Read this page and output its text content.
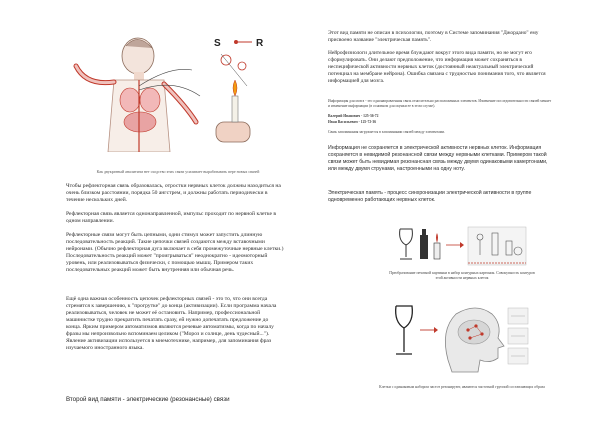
S	R
Как двукратный аналитизм нет сходство этих связи усиливает вырабатывать пере новых связей
Чтобы рефлекторная связь образовалась, отростки нервных клеток должны находиться на очень близком расстоянии, порядка 50 ангстрем, и должны работать периодически в течение нескольких дней.
Рефлекторная связь является однонаправленной, импульс проходит по нервной клетке в одном направлении.
Рефлекторные связи могут быть цепными, одни стимул может запустить длинную последовательность реакций. Такие цепочки связей создаются между вставочными нейронами. (Обычно рефлекторная дуга включает в себя промежуточные нервные клетки.) Последовательность реакций может "проигрываться" неоднократно - идеомоторный уровень, или реализовываться физически, с помощью мышц. Примером таких последовательных реакций может быть внутренняя или обычная речь.
Ещё одна важная особенность цепочек рефлекторных связей - это то, что они всегда стремятся к завершению, к "прогрутке" до конца (активизации). Если программа начала реализовываться, человек не может её остановить. Например, профессиональной машинистке трудно прекратить печатать сразу, ей нужно допечатать предложение до конца. Ярким примером автоматизмов являются речевые автоматизмы, когда по началу фразы мы непроизвольно вспоминаем целиком ("Мороз и солнце, день чудесный..."). Явление активизации используется в мнемотехнике, например, для запоминания фраз изучаемого иностранного языка.
Второй вид памяти - электрические (резонансные) связи
Этот вид памяти не описан в психологии, поэтому в Системе запоминания "Джордано" ему присвоено название "электрическая память".
Нейрофизиологи длительное время блуждают вокруг этого вида памяти, но не могут его сформулировать. Они делают предположение, что информация может сохраняться в неспецифической активности нервных клеток (достоянный неактуальный электрический потенциал на мембране нейрона). Ошибка связана с трудностью понимания того, что является информацией для мозга.
Информация для мозга - это однонаправленная связь относительно расположенных элементов. Изменение последовательности связей меняет и изменение информации (в основном для оценки ее в этом случае).
Валерий Иванович - 125-36-72
Иван Васильевич - 125-72-36
Связь запоминания загружается в запоминании связей между элементами.
Информация не сохраняется в электрической активности нервных клеток. Информация сохраняется в невидимой резонансной связи между нервными клетками. Примером такой связи может быть невидимая резонансная связь между двумя одинаковыми камертонами, или между двумя струнами, настроенными на одну ноту.
Электрическая память - процесс синхронизации электрической активности в группе одновременно работающих нервных клеток.
Преобразование печатной картинки в набор контурных картинок. Совокупность контуров этой активности нервных клеток
Клетки с одинаковым набором частот резонируют, являются частотной группой составляющих образа
